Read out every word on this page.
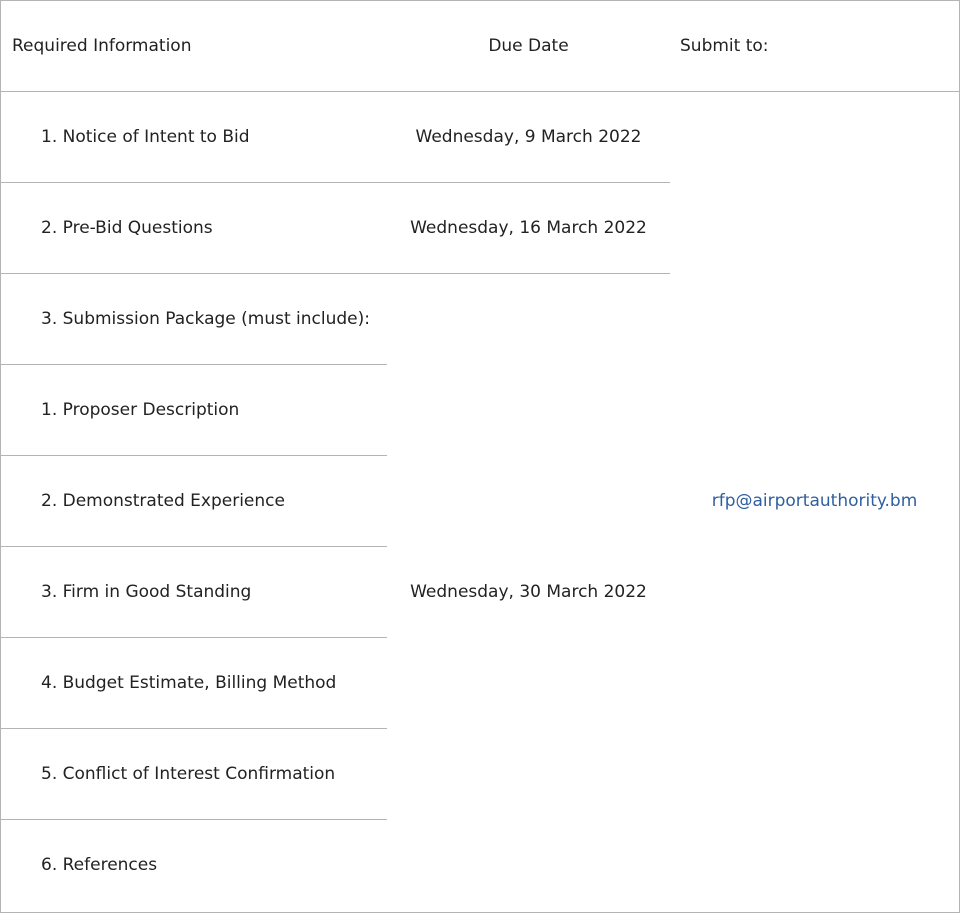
Required Information	Due Date	Submit to:
1. Notice of Intent to Bid	Wednesday, 9 March 2022	rfp@airportauthority.bm
2. Pre-Bid Questions	Wednesday, 16 March 2022	
3. Submission Package (must include):	Wednesday, 30 March 2022	
1. Proposer Description		
2. Demonstrated Experience		
3. Firm in Good Standing		
4. Budget Estimate, Billing Method		
5. Conflict of Interest Confirmation		
6. References		
